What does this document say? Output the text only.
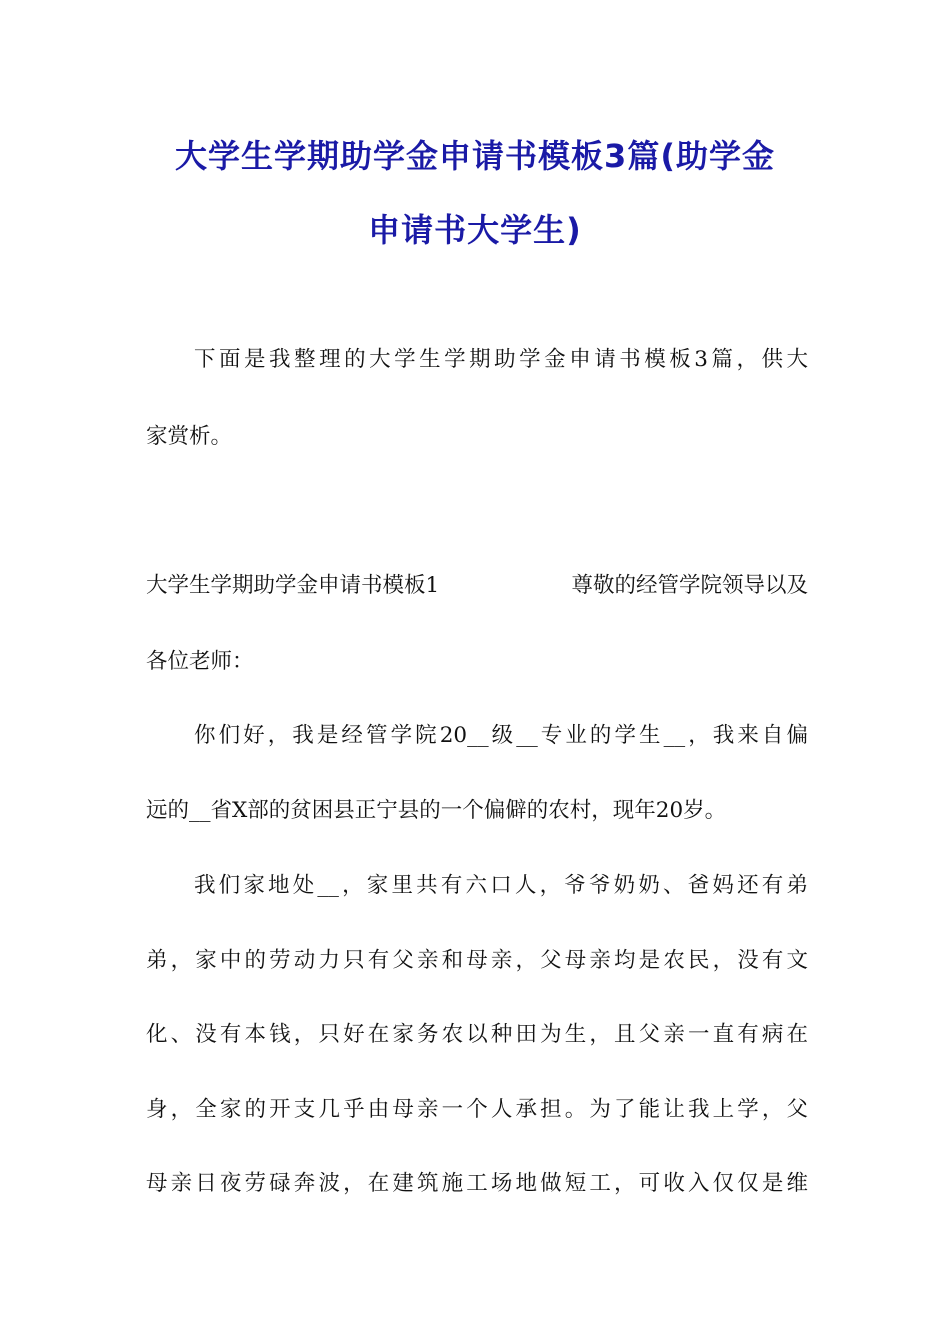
大学生学期助学金申请书模板3篇(助学金
申请书大学生)
下面是我整理的大学生学期助学金申请书模板3篇，供大
家赏析。
大学生学期助学金申请书模板1	尊敬的经管学院领导以及
各位老师：
你们好，我是经管学院20__级__专业的学生__，我来自偏
远的__省X部的贫困县正宁县的一个偏僻的农村，现年20岁。
我们家地处__，家里共有六口人，爷爷奶奶、爸妈还有弟
弟，家中的劳动力只有父亲和母亲，父母亲均是农民，没有文
化、没有本钱，只好在家务农以种田为生，且父亲一直有病在
身，全家的开支几乎由母亲一个人承担。为了能让我上学，父
母亲日夜劳碌奔波，在建筑施工场地做短工，可收入仅仅是维
